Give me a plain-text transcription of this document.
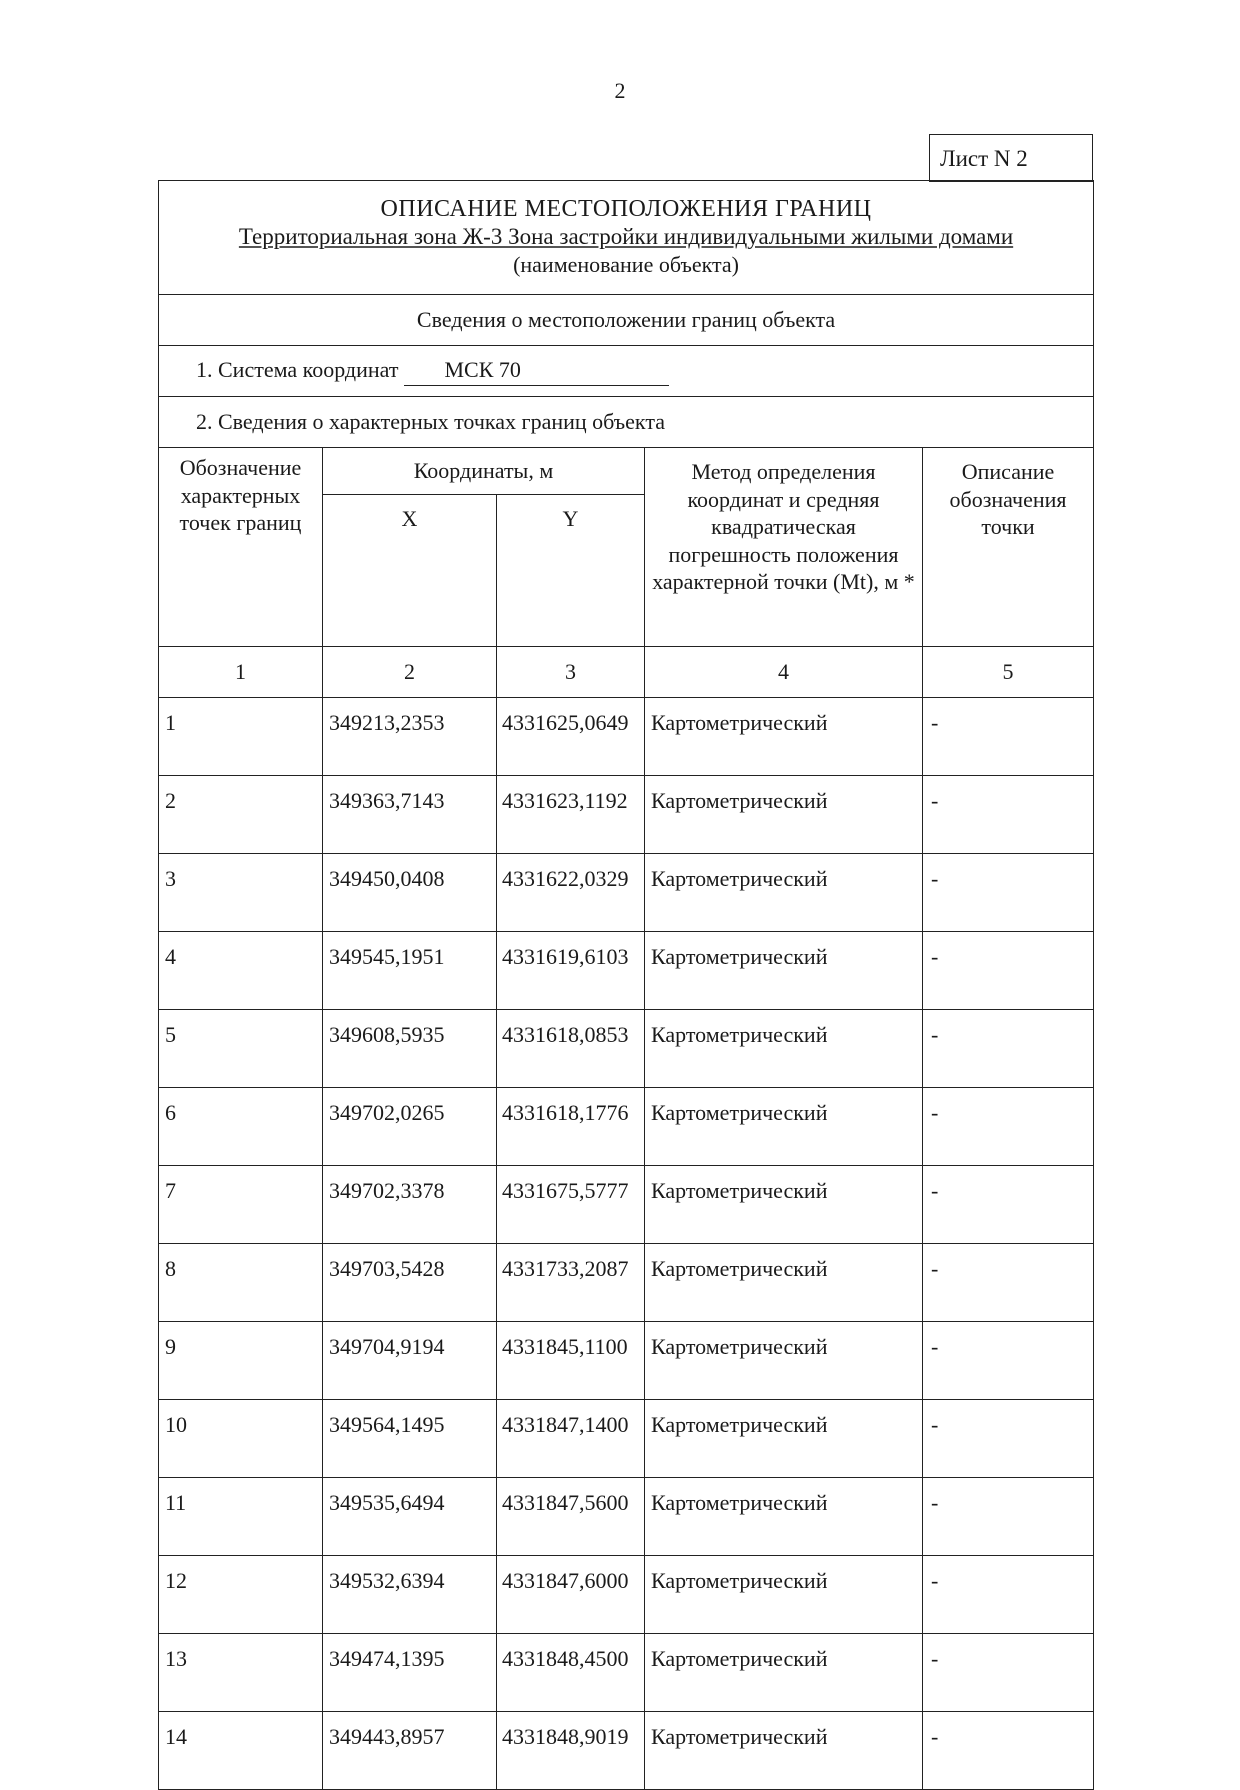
2
Лист N 2
ОПИСАНИЕ МЕСТОПОЛОЖЕНИЯ ГРАНИЦ
Территориальная зона Ж-3 Зона застройки индивидуальными жилыми домами
(наименование объекта)				

Сведения о местоположении границ объекта				
1. Система координат МСК 70				
2. Сведения о характерных точках границ объекта				
Обозначение характерных точек границ	Координаты, м		Метод определения координат и средняя квадратическая погрешность положения характерной точки (Mt), м *	Описание обозначения точки
	X	Y		
1	2	3	4	5
1	349213,2353	4331625,0649	Картометрический	-
2	349363,7143	4331623,1192	Картометрический	-
3	349450,0408	4331622,0329	Картометрический	-
4	349545,1951	4331619,6103	Картометрический	-
5	349608,5935	4331618,0853	Картометрический	-
6	349702,0265	4331618,1776	Картометрический	-
7	349702,3378	4331675,5777	Картометрический	-
8	349703,5428	4331733,2087	Картометрический	-
9	349704,9194	4331845,1100	Картометрический	-
10	349564,1495	4331847,1400	Картометрический	-
11	349535,6494	4331847,5600	Картометрический	-
12	349532,6394	4331847,6000	Картометрический	-
13	349474,1395	4331848,4500	Картометрический	-
14	349443,8957	4331848,9019	Картометрический	-
